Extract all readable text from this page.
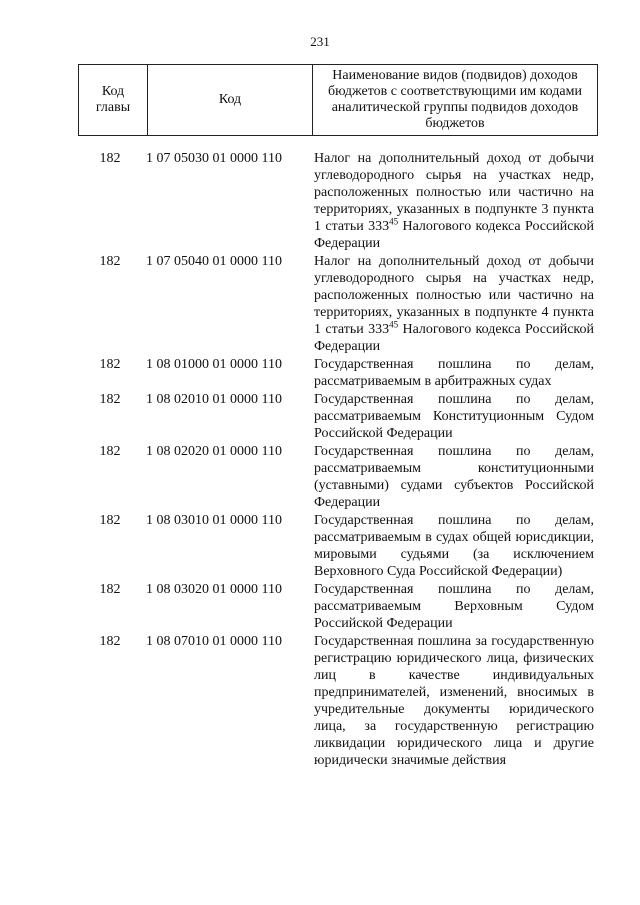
231
Код главы	Код	Наименование видов (подвидов) доходов бюджетов с соответствующими им кодами аналитической группы подвидов доходов бюджетов
182	1 07 05030 01 0000 110	Налог на дополнительный доход от добычи углеводородного сырья на участках недр, расположенных полностью или частично на территориях, указанных в подпункте 3 пункта 1 статьи $333^{45}$ Налогового кодекса Российской Федерации
182	1 07 05040 01 0000 110	Налог на дополнительный доход от добычи углеводородного сырья на участках недр, расположенных полностью или частично на территориях, указанных в подпункте 4 пункта 1 статьи $333^{45}$ Налогового кодекса Российской Федерации
182	1 08 01000 01 0000 110	Государственная пошлина по делам, рассматриваемым в арбитражных судах
182	1 08 02010 01 0000 110	Государственная пошлина по делам, рассматриваемым Конституционным Судом Российской Федерации
182	1 08 02020 01 0000 110	Государственная пошлина по делам, рассматриваемым конституционными (уставными) судами субъектов Российской Федерации
182	1 08 03010 01 0000 110	Государственная пошлина по делам, рассматриваемым в судах общей юрисдикции, мировыми судьями (за исключением Верховного Суда Российской Федерации)
182	1 08 03020 01 0000 110	Государственная пошлина по делам, рассматриваемым Верховным Судом Российской Федерации
182	1 08 07010 01 0000 110	Государственная пошлина за государственную регистрацию юридического лица, физических лиц в качестве индивидуальных предпринимателей, изменений, вносимых в учредительные документы юридического лица, за государственную регистрацию ликвидации юридического лица и другие юридически значимые действия
